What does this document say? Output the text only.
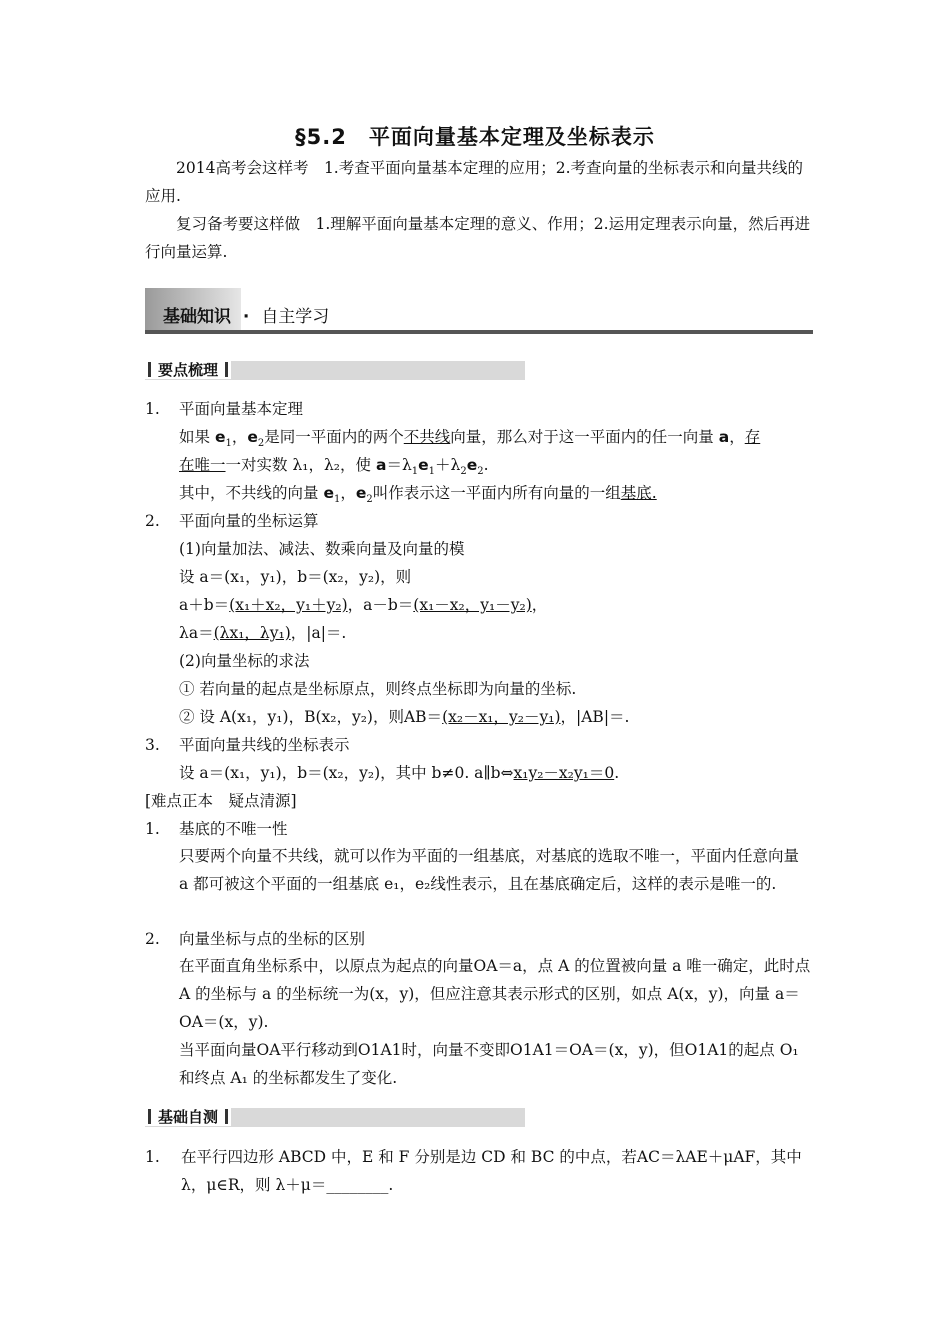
§5.2　平面向量基本定理及坐标表示
2014高考会这样考　1.考查平面向量基本定理的应用；2.考查向量的坐标表示和向量共线的应用.
复习备考要这样做　1.理解平面向量基本定理的意义、作用；2.运用定理表示向量，然后再进行向量运算.
基础知识 · 自主学习
要点梳理
1. 平面向量基本定理
如果 $e_1$，$e_2$是同一平面内的两个不共线向量，那么对于这一平面内的任一向量 a，存
在唯一一对实数 λ₁，λ₂，使 $a=\lambda_1e_1+\lambda_2e_2$.
其中，不共线的向量 $e_1$，$e_2$叫作表示这一平面内所有向量的一组基底.
2. 平面向量的坐标运算
(1)向量加法、减法、数乘向量及向量的模
设 a＝(x₁，y₁)，b＝(x₂，y₂)，则
a＋b＝(x₁＋x₂，y₁＋y₂)，a－b＝(x₁－x₂，y₁－y₂)，
λa＝(λx₁，λy₁)，|a|＝.
(2)向量坐标的求法
① 若向量的起点是坐标原点，则终点坐标即为向量的坐标.
② 设 A(x₁，y₁)，B(x₂，y₂)，则AB＝(x₂－x₁，y₂－y₁)，|AB|＝.
3. 平面向量共线的坐标表示
设 a＝(x₁，y₁)，b＝(x₂，y₂)，其中 b≠0. a∥b⇔x₁y₂－x₂y₁＝0.
[难点正本　疑点清源]
1. 基底的不唯一性
只要两个向量不共线，就可以作为平面的一组基底，对基底的选取不唯一，平面内任意向量 a 都可被这个平面的一组基底 e₁，e₂线性表示，且在基底确定后，这样的表示是唯一的.
2. 向量坐标与点的坐标的区别
在平面直角坐标系中，以原点为起点的向量OA＝a，点 A 的位置被向量 a 唯一确定，此时点 A 的坐标与 a 的坐标统一为(x，y)，但应注意其表示形式的区别，如点 A(x，y)，向量 a＝OA＝(x，y).
当平面向量OA平行移动到O1A1时，向量不变即O1A1＝OA＝(x，y)，但O1A1的起点 O₁ 和终点 A₁ 的坐标都发生了变化.
基础自测
1. 在平行四边形 ABCD 中，E 和 F 分别是边 CD 和 BC 的中点，若AC＝λAE＋μAF，其中λ，μ∈R，则 λ＋μ＝________.
